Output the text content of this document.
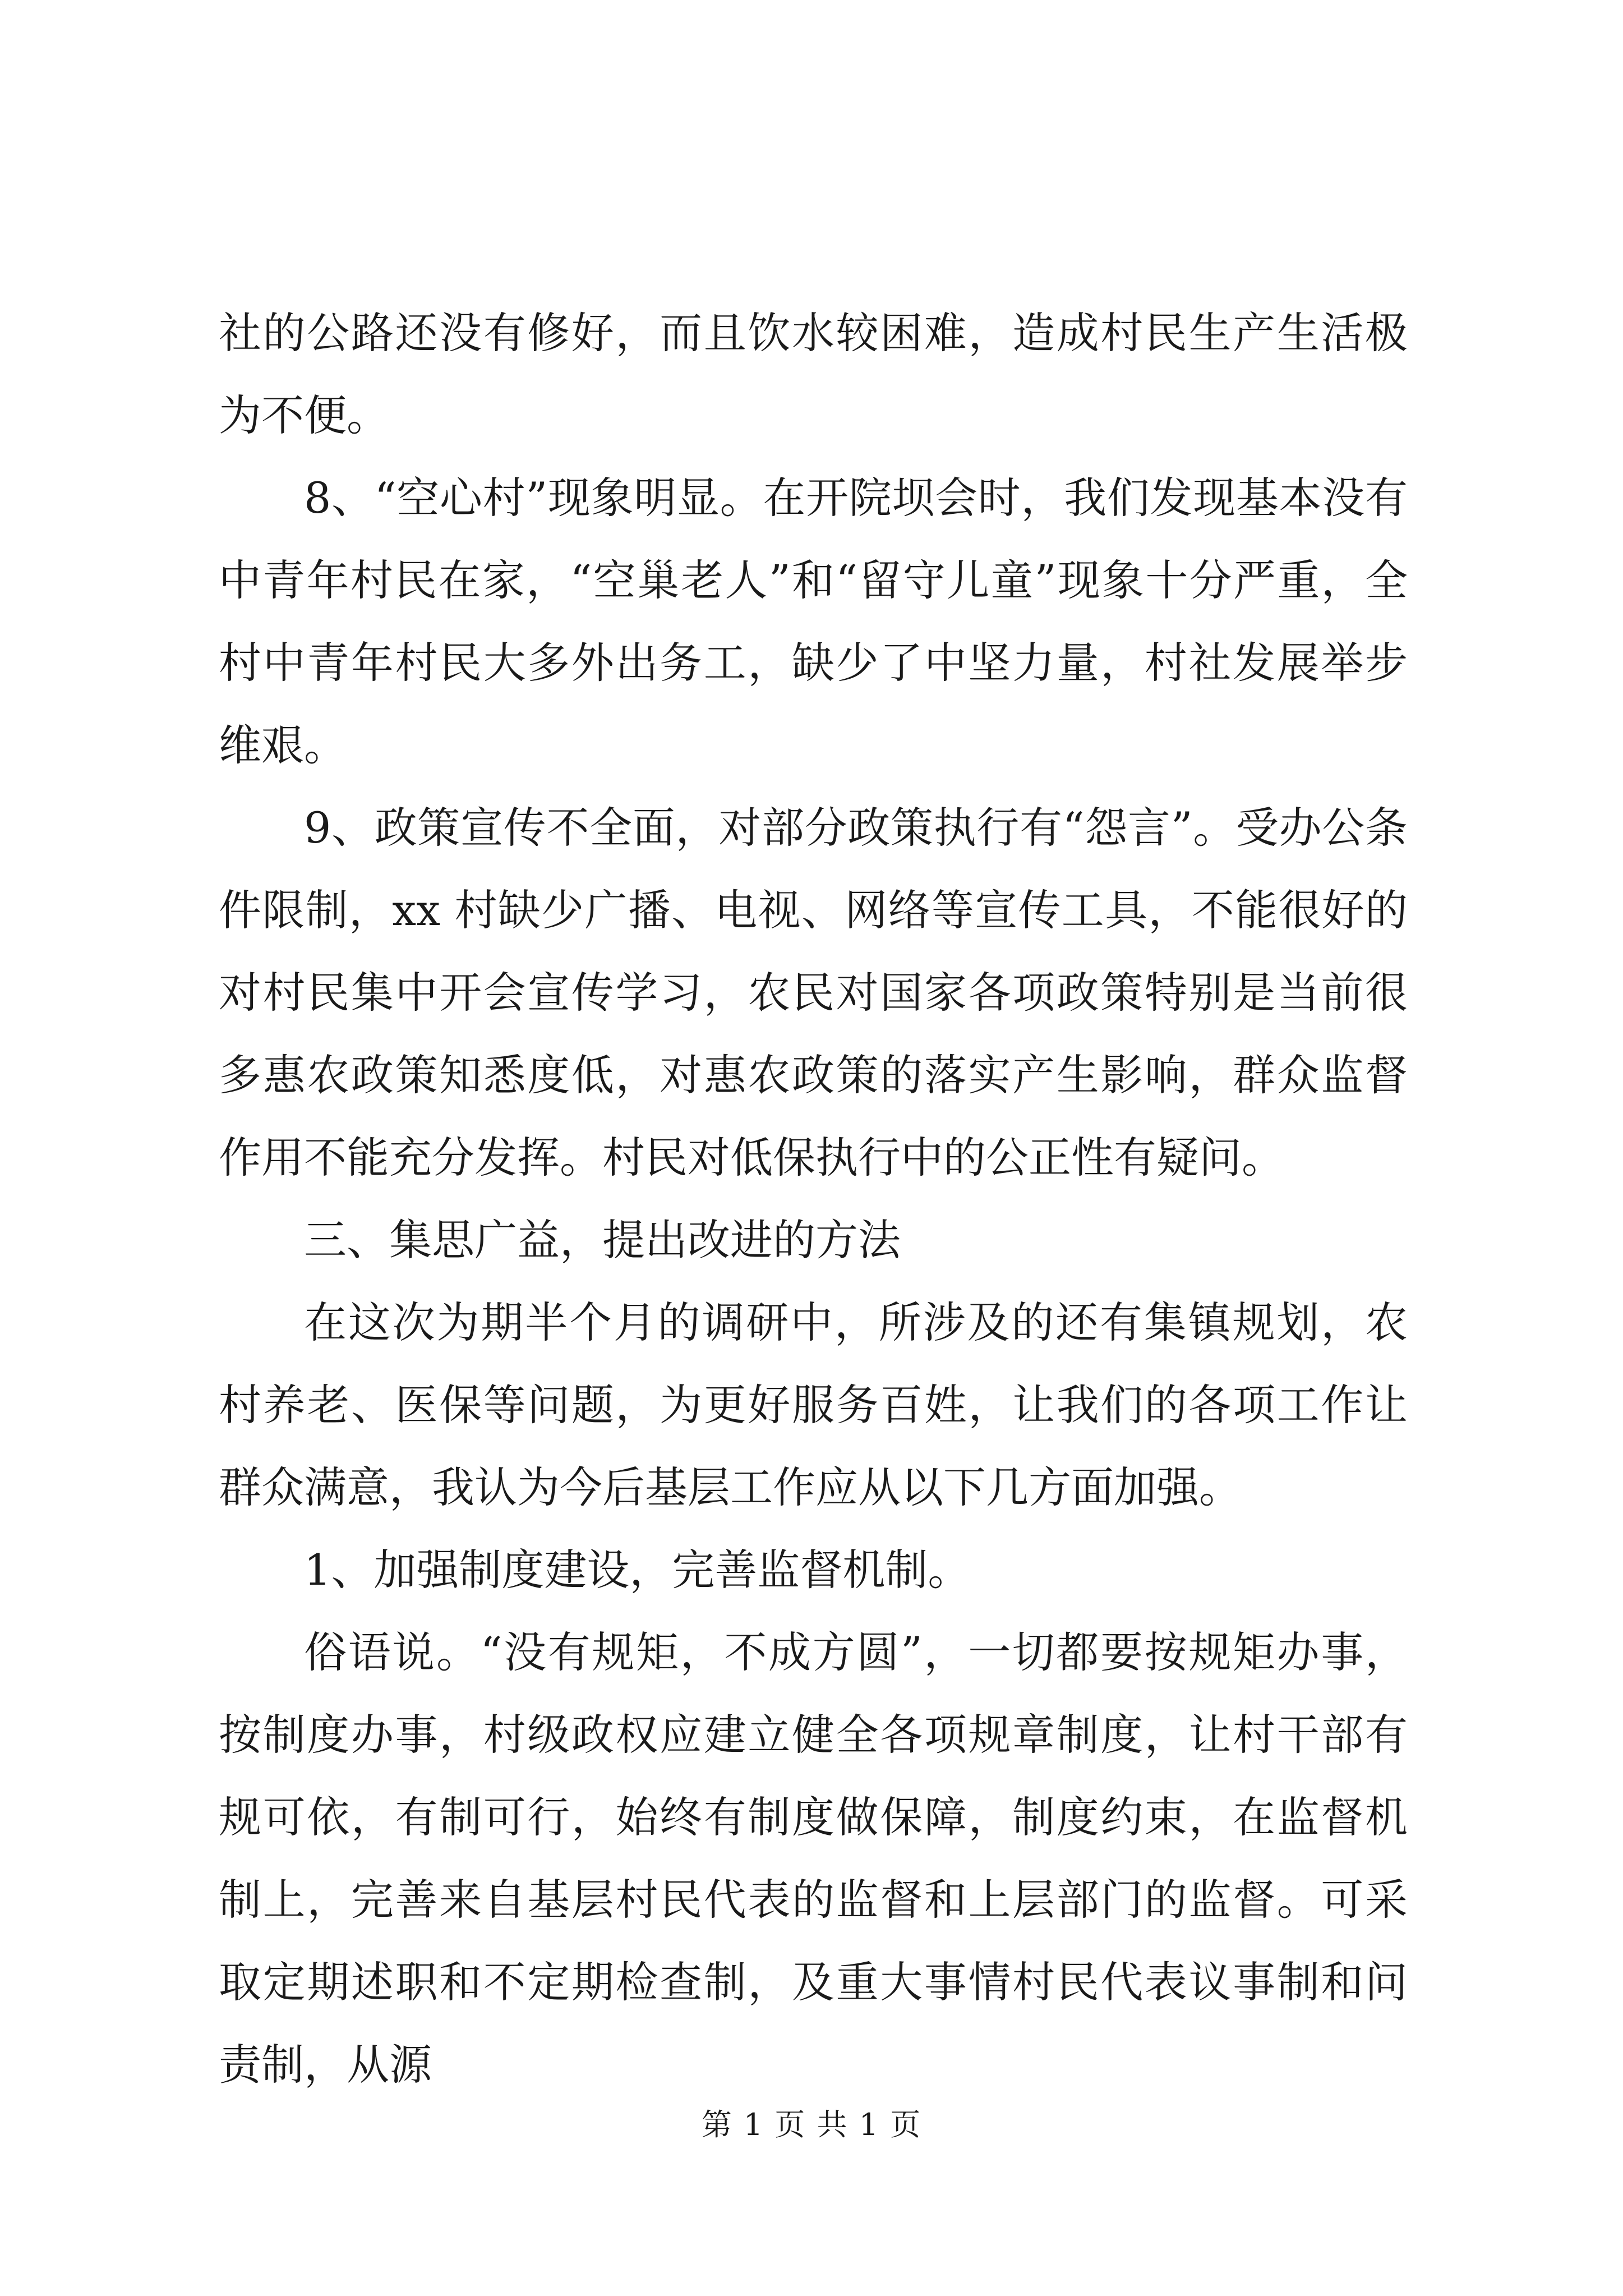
社的公路还没有修好，而且饮水较困难，造成村民生产生活极为不便。

8、“空心村”现象明显。在开院坝会时，我们发现基本没有中青年村民在家，“空巢老人”和“留守儿童”现象十分严重，全村中青年村民大多外出务工，缺少了中坚力量，村社发展举步维艰。

9、政策宣传不全面，对部分政策执行有“怨言”。受办公条件限制，xx 村缺少广播、电视、网络等宣传工具，不能很好的对村民集中开会宣传学习，农民对国家各项政策特别是当前很多惠农政策知悉度低，对惠农政策的落实产生影响，群众监督作用不能充分发挥。村民对低保执行中的公正性有疑问。

三、集思广益，提出改进的方法

在这次为期半个月的调研中，所涉及的还有集镇规划，农村养老、医保等问题，为更好服务百姓，让我们的各项工作让群众满意，我认为今后基层工作应从以下几方面加强。

1、加强制度建设，完善监督机制。

俗语说。“没有规矩，不成方圆”，一切都要按规矩办事，按制度办事，村级政权应建立健全各项规章制度，让村干部有规可依，有制可行，始终有制度做保障，制度约束，在监督机制上，完善来自基层村民代表的监督和上层部门的监督。可采取定期述职和不定期检查制，及重大事情村民代表议事制和问责制，从源

第 1 页 共 1 页
